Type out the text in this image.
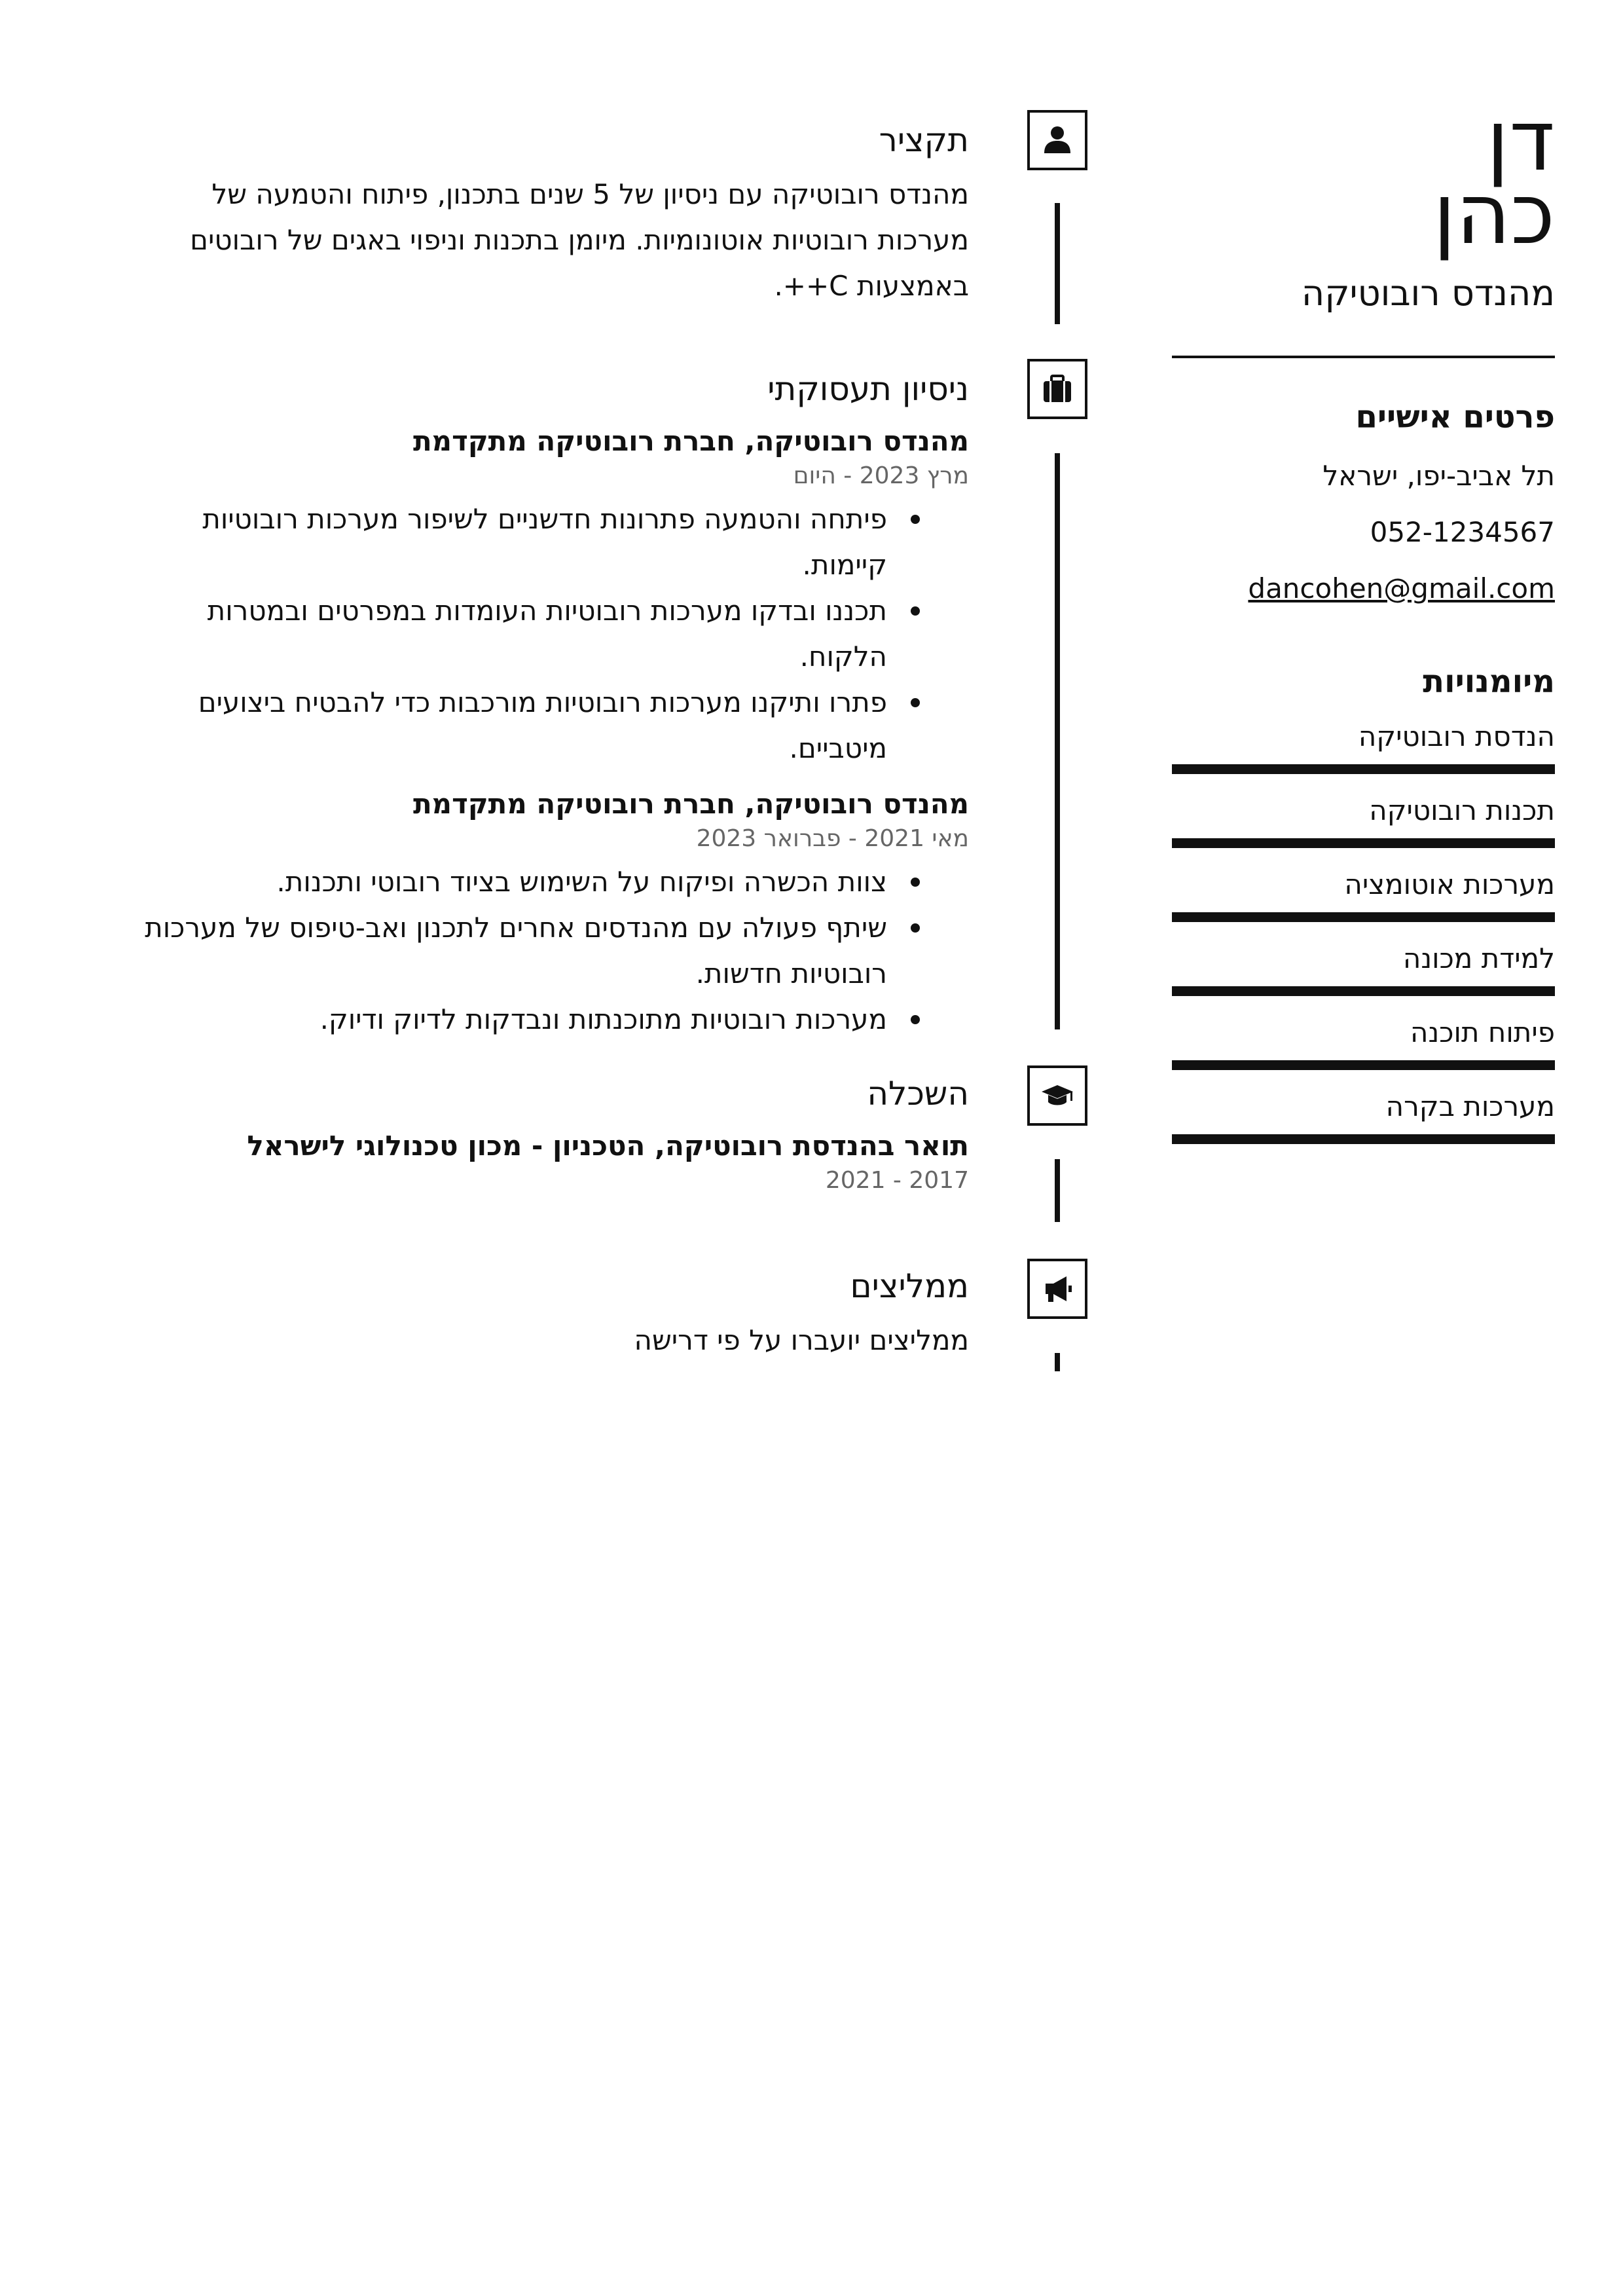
דן
כהן
מהנדס רובוטיקה
פרטים אישיים
תל אביב-יפו, ישראל
052-1234567
dancohen@gmail.com
מיומנויות
הנדסת רובוטיקה
תכנות רובוטיקה
מערכות אוטומציה
למידת מכונה
פיתוח תוכנה
מערכות בקרה
תקציר
מהנדס רובוטיקה עם ניסיון של 5 שנים בתכנון, פיתוח והטמעה של מערכות רובוטיות אוטונומיות. מיומן בתכנות וניפוי באגים של רובוטים באמצעות C++.
ניסיון תעסוקתי
מהנדס רובוטיקה, חברת רובוטיקה מתקדמת
מרץ 2023 - היום
פיתחה והטמעה פתרונות חדשניים לשיפור מערכות רובוטיות קיימות.
תכננו ובדקו מערכות רובוטיות העומדות במפרטים ובמטרות הלקוח.
פתרו ותיקנו מערכות רובוטיות מורכבות כדי להבטיח ביצועים מיטביים.
מהנדס רובוטיקה, חברת רובוטיקה מתקדמת
מאי 2021 - פברואר 2023
צוות הכשרה ופיקוח על השימוש בציוד רובוטי ותכנות.
שיתף פעולה עם מהנדסים אחרים לתכנון ואב-טיפוס של מערכות רובוטיות חדשות.
מערכות רובוטיות מתוכנתות ונבדקות לדיוק ודיוק.
השכלה
תואר בהנדסת רובוטיקה, הטכניון - מכון טכנולוגי לישראל
2017 - 2021
ממליצים
ממליצים יועברו על פי דרישה
